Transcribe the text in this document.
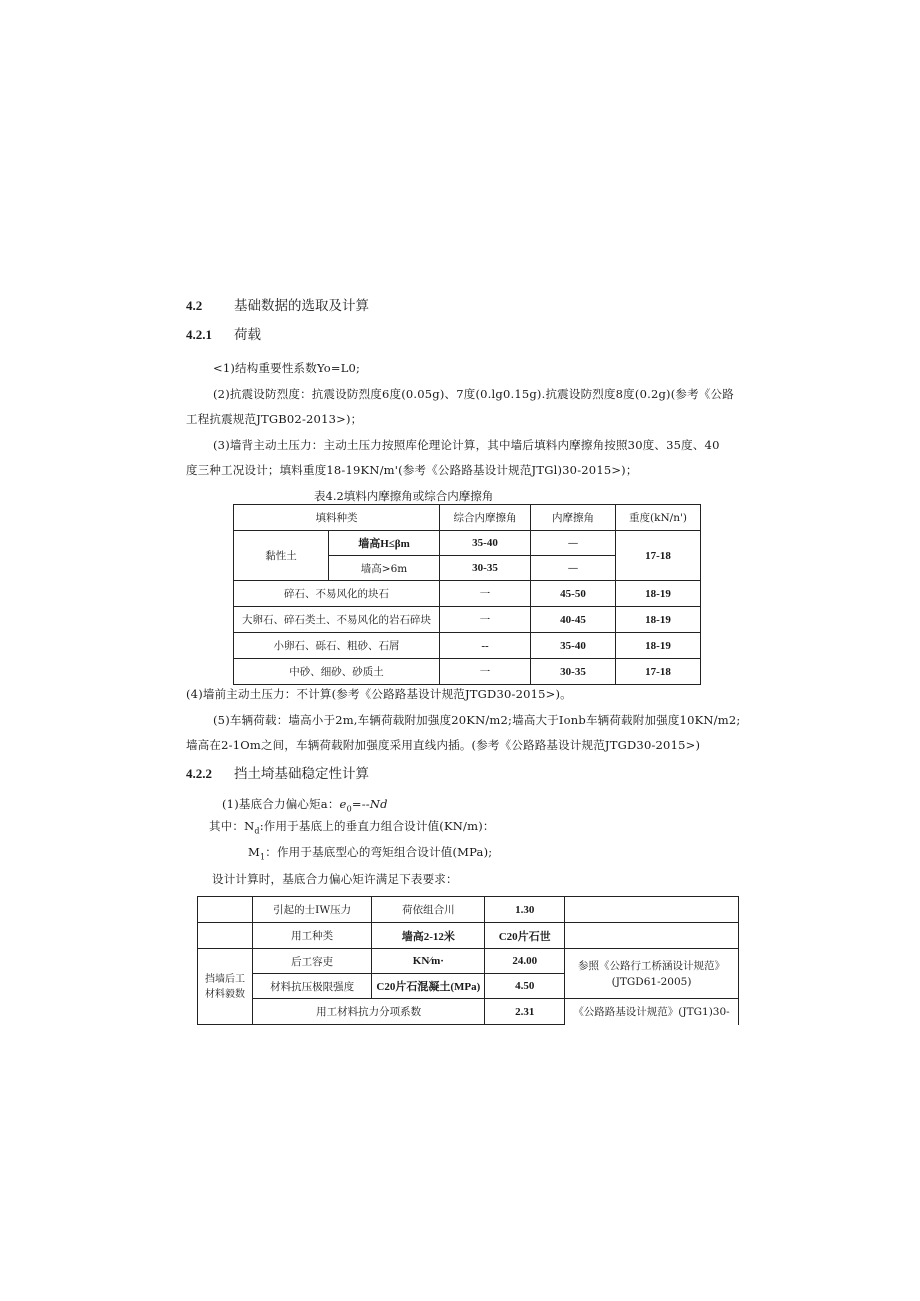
4.2 基础数据的选取及计算
4.2.1 荷载
<1)结构重要性系数Yo=L0;
(2)抗震设防烈度：抗震设防烈度6度(0.05g)、7度(0.lg0.15g).抗震设防烈度8度(0.2g)(参考《公路
工程抗震规范JTGB02-2013>)；
(3)墙背主动土压力：主动土压力按照库伦理论计算，其中墙后填料内摩擦角按照30度、35度、40
度三种工况设计；填料重度18-19KN/m'(参考《公路路基设计规范JTGl)30-2015>)；
表4.2填料内摩擦角或综合内摩擦角
填料种类		综合内摩擦角	内摩擦角	重度(kN/n')
黏性土	墙高H≤βm	35-40	—	17-18
	墙高>6m	30-35	—	
碎石、不易风化的块石		一	45-50	18-19
大卵石、碎石类土、不易风化的岩石碎块		一	40-45	18-19
小卵石、砾石、粗砂、石屑		--	35-40	18-19
中砂、细砂、砂质土		一	30-35	17-18
(4)墙前主动土压力：不计算(参考《公路路基设计规范JTGD30-2015>)。
(5)车辆荷载：墙高小于2m,车辆荷载附加强度20KN∕m2;墙高大于Ionb车辆荷载附加强度10KN∕m2;
墙高在2-1Om之间，车辆荷载附加强度采用直线内插。(参考《公路路基设计规范JTGD30-2015>)
4.2.2 挡土埼基础稳定性计算
(1)基底合力偏心矩a：$e_0=--Nd$
其中：$N_d$:作用于基底上的垂直力组合设计值(KN/m)：
$M_1$：作用于基底型心的弯矩组合设计值(MPa);
设计计算时，基底合力偏心矩许满足下表要求：
	引起的士IW压力	荷依组合川	1.30	
	用工种类	墙高2-12米	C20片石世	
挡墙后工材料毅数	后工容吏	KN∕m·	24.00	参照《公路行工桥涵设计规范》(JTGD61-2005)
	材料抗压极限强度	C20片石混凝土(MPa)	4.50	
	用工材料抗力分项系数		2.31	《公路路基设计规范》(JTG1)30-
